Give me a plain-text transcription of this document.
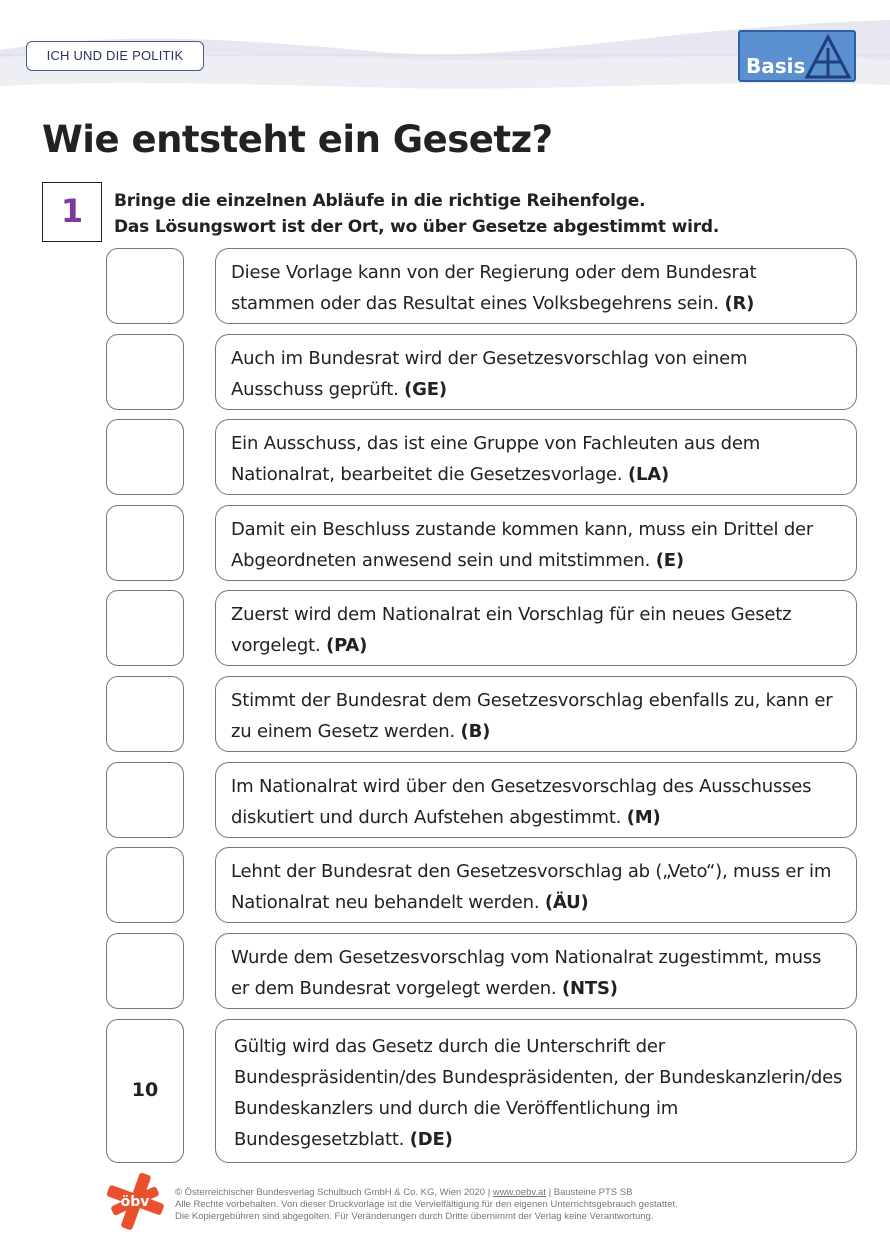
ICH UND DIE POLITIK	Basis
Wie entsteht ein Gesetz?
1	Bringe die einzelnen Abläufe in die richtige Reihenfolge.
Das Lösungswort ist der Ort, wo über Gesetze abgestimmt wird.
Diese Vorlage kann von der Regierung oder dem Bundesrat stammen oder das Resultat eines Volksbegehrens sein. (R)
Auch im Bundesrat wird der Gesetzesvorschlag von einem Ausschuss geprüft. (GE)
Ein Ausschuss, das ist eine Gruppe von Fachleuten aus dem Nationalrat, bearbeitet die Gesetzesvorlage. (LA)
Damit ein Beschluss zustande kommen kann, muss ein Drittel der Abgeordneten anwesend sein und mitstimmen. (E)
Zuerst wird dem Nationalrat ein Vorschlag für ein neues Gesetz vorgelegt. (PA)
Stimmt der Bundesrat dem Gesetzesvorschlag ebenfalls zu, kann er zu einem Gesetz werden. (B)
Im Nationalrat wird über den Gesetzesvorschlag des Ausschusses diskutiert und durch Aufstehen abgestimmt. (M)
Lehnt der Bundesrat den Gesetzesvorschlag ab („Veto“), muss er im Nationalrat neu behandelt werden. (ÄU)
Wurde dem Gesetzesvorschlag vom Nationalrat zugestimmt, muss er dem Bundesrat vorgelegt werden. (NTS)
10
Gültig wird das Gesetz durch die Unterschrift der Bundespräsidentin/des Bundespräsidenten, der Bundeskanzlerin/des Bundeskanzlers und durch die Veröffentlichung im Bundesgesetzblatt. (DE)
öbv
© Österreichischer Bundesverlag Schulbuch GmbH & Co. KG, Wien 2020 | www.oebv.at | Bausteine PTS SB
Alle Rechte vorbehalten. Von dieser Druckvorlage ist die Vervielfältigung für den eigenen Unterrichtsgebrauch gestattet.
Die Kopiergebühren sind abgegolten. Für Veränderungen durch Dritte übernimmt der Verlag keine Verantwortung.
